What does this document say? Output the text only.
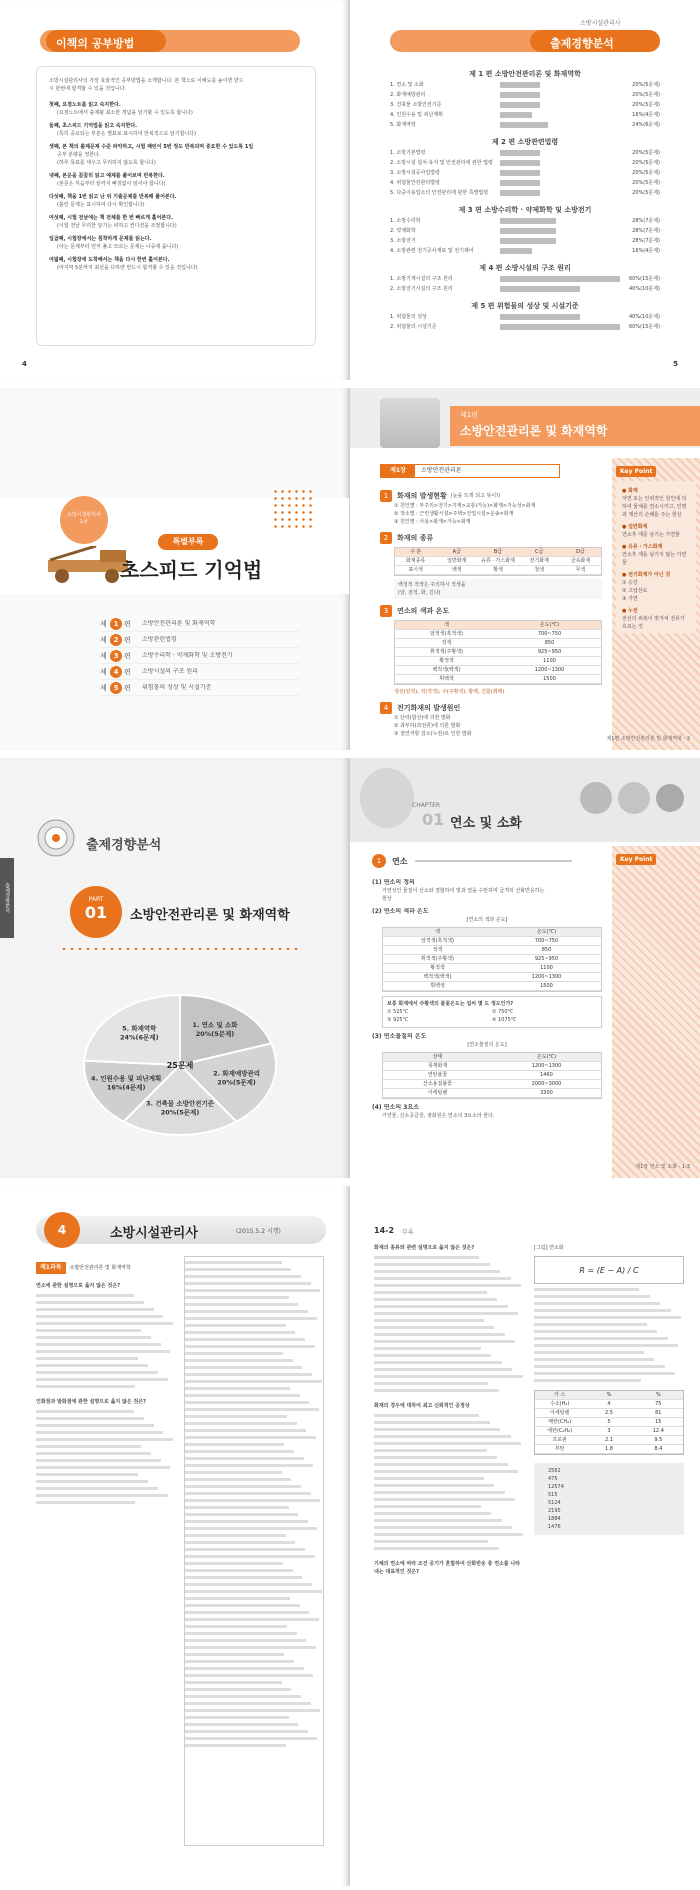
이책의 공부방법
소방시설관리사의 가장 효율적인 공부방법을 소개합니다. 본 책으로 이해도를 높이면 반드
시 한번에 합격할 수 있을 것입니다.
첫째, 요점노트를 읽고 숙지한다.
(요점노트에서 출제될 최소한 개념을 암기할 수 있도록 합니다)
둘째, 초스피드 기억법을 읽고 숙지한다.
(특히 중요되는 부분은 별표로 표시하여 반복적으로 암기합니다)
셋째, 본 책의 출제문제 수준 파악하고, 시험 패턴이 5번 정도 반복되며 중요한 수 있도록 1일
공부 분량을 정한다.
(하루 목표를 세우고 무리하지 않도록 합니다)
넷째, 본문을 꼼꼼히 읽고 예제를 풀어보며 반복한다.
(본문은 처음부터 끝까지 빠짐없이 읽어야 합니다)
다섯째, 책을 1번 읽고 난 뒤 기출문제를 반복해 풀어본다.
(틀린 문제는 표시하여 다시 확인합니다)
여섯째, 시험 전날에는 책 전체를 한 번 빠르게 훑어본다.
(시험 전날 무리한 암기는 피하고 컨디션을 조절합니다)
일곱째, 시험장에서는 침착하게 문제를 읽는다.
(아는 문제부터 먼저 풀고 모르는 문제는 나중에 풉니다)
여덟째, 시험장에 도착해서는 책을 다시 한번 훑어본다.
(마지막 5분까지 최선을 다하면 반드시 합격할 수 있을 것입니다)
4
소방시설관리사
출제경향분석
제 1 편 소방안전관리론 및 화재역학
1. 연소 및 소화	20%(5문제)
2. 화재예방관리	20%(5문제)
3. 건축물 소방안전기준	20%(5문제)
4. 인원수용 및 피난계획	16%(4문제)
5. 화재역학	24%(6문제)
제 2 편 소방관련법령
1. 소방기본법령	20%(5문제)
2. 소방시설 설치·유지 및 안전관리에 관한 법령	20%(5문제)
3. 소방시설공사업법령	20%(5문제)
4. 위험물안전관리법령	20%(5문제)
5. 다중이용업소의 안전관리에 관한 특별법령	20%(5문제)
제 3 편 소방수리학 · 약제화학 및 소방전기
1. 소방수리학	28%(7문제)
2. 약제화학	28%(7문제)
3. 소방전기	28%(7문제)
4. 소방관련 전기공사재료 및 전기제어	16%(4문제)
제 4 편 소방시설의 구조 원리
1. 소방기계시설의 구조 원리	60%(15문제)
2. 소방전기시설의 구조 원리	40%(10문제)
제 5 편 위험물의 성상 및 시설기준
1. 위험물의 성상	40%(10문제)
2. 위험물의 시설기준	60%(15문제)
5
소방시설관리사
1차
특별부록
초스피드 기억법
제 1 편	소방안전관리론 및 화재역학
제 2 편	소방관련법령
제 3 편	소방수리학 · 약제화학 및 소방전기
제 4 편	소방시설의 구조 원리
제 5 편	위험물의 성상 및 시설기준
제1편
소방안전관리론 및 화재역학
제1장	소방안전관리론
1	화재의 발생현황 (눈을 뜨게 되고 뜻이!)
① 원인별 : 부주의>전기>기계>교통(가능)>화재>가능성>화재
② 장소별 : 근린생활시설>주택>산업시설>운송>화재
③ 원인별 : 사용>화재>가능>화재
2	화재의 종류
구 분	A급	B급	C급	D급
화재종류	일반화재	유류 · 가스화재	전기화재	금속화재
표시색	백색	황색	청색	무색
백청적 적색은 주의하시 적색을
(암, 전적, 화, 진다)
3	연소의 색과 온도
색	온도(℃)
암적색(흑적색)	700~750
적색	850
휘적색(주황색)	925~950
황적색	1100
백적색(백색)	1200~1300
휘백색	1500
생선(암적), 적(적색), 주(주황색), 황백, 진함(휘백)
4	전기화재의 발생원인
① 단락(합선)에 의한 발화
② 과부하(과전류)에 의한 발화
③ 절연저항 감소(누전)로 인한 발화
Key Point
● 화재
자연 또는 인위적인 원인에 의하여 물체를 연소시키고, 인명과 재산의 손해를 주는 현상
● 일반화재
연소후 재를 남기는 가연물
● 유류 · 가스화재
연소후 재를 남기지 않는 가연물
● 전기화재가 아닌 것
① 승강
② 고압선로
③ 가연
● 누전
전선의 피복이 벗겨져 전류가 흐르는 것
제1편 소방안전관리론 및 화재역학 · 3
출제경향분석
출제경향분석
PART
01	소방안전관리론 및 화재역학
1. 연소 및 소화
20%(5문제)
2. 화재예방관리
20%(5문제)
3. 건축물 소방안전기준
20%(5문제)
4. 인원수용 및 피난계획
16%(4문제)
5. 화재역학
24%(6문제)
25문제
CHAPTER
01 연소 및 소화
1	연소
(1) 연소의 정의
가연성인 물질이 산소와 결합하여 빛과 열을 수반하며 급격히 산화반응하는
현상
(2) 연소의 색과 온도
[연소의 색과 온도]
색	온도(℃)
암적색(흑적색)	700~750
적색	850
휘적색(주황색)	925~950
황적색	1100
백적색(백색)	1200~1300
휘백색	1500
보통 화재에서 주황색의 불꽃온도는 섭씨 몇 도 정도인가?
① 525℃	② 750℃
③ 925℃	④ 1075℃
(3) 연소물질의 온도
[연소물질의 온도]
상태	온도(℃)
목재화재	1200~1300
연탄불꽃	1460
산소용접불꽃	2000~3000
아세틸렌	3300
(4) 연소의 3요소
가연물, 산소공급원, 점화원은 연소의 3요소라 한다.
Key Point
제1장 연소 및 소화 · 1-3
4	소방시설관리사	(2015.5.2 시행)
제1과목	소방안전관리론 및 화재역학
연소에 관한 설명으로 옳지 않은 것은?
인화점과 발화점에 관한 설명으로 옳지 않은 것은?
14-2 부록
화재의 종류와 관련 설명으로 옳지 않은 것은?
화재의 경우에 대하여 최고 신뢰적인 공정상
기체의 연소에 따라 조건 공기가 혼합하여 산화반응 중 연소를 나타내는 대표적인 것은?
[그림] 연소화
R = (E − A) / C
가 스	%	%
수소(H₂)	4	75
아세틸렌	2.5	81
메탄(CH₄)	5	15
에탄(C₂H₆)	3	12.4
프로판	2.1	9.5
부탄	1.8	8.4
2561
475
12574
515
5124
2195
1884
1476
